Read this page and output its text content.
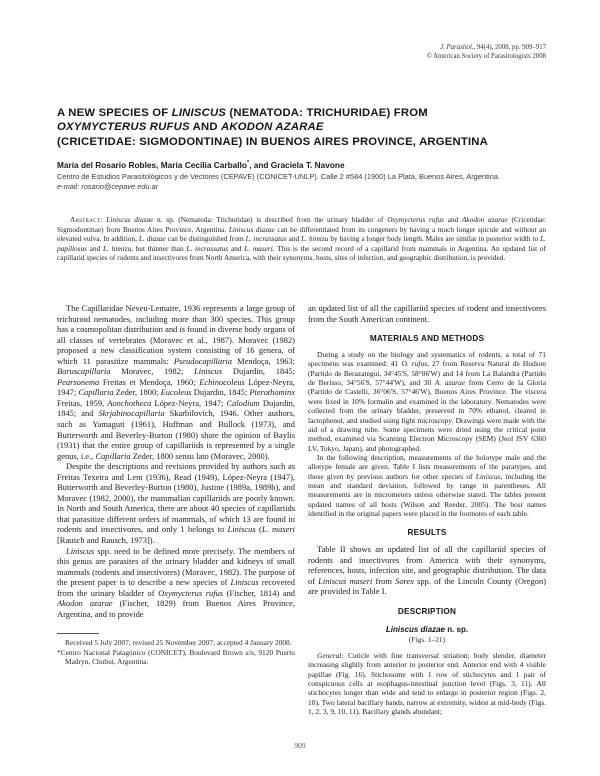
J. Parasitol., 94(4), 2008, pp. 909–917
© American Society of Parasitologists 2008
A NEW SPECIES OF LINISCUS (NEMATODA: TRICHURIDAE) FROM
OXYMYCTERUS RUFUS AND AKODON AZARAE
(CRICETIDAE: SIGMODONTINAE) IN BUENOS AIRES PROVINCE, ARGENTINA
María del Rosario Robles, María Cecilia Carballo*, and Graciela T. Navone
Centro de Estudios Parasitológicos y de Vectores (CEPAVE) (CONICET-UNLP). Calle 2 #584 (1900) La Plata, Buenos Aires, Argentina.
e-mail: rosario@cepave.edu.ar

Abstract: Liniscus diazae n. sp. (Nematoda: Trichuridae) is described from the urinary bladder of Oxymycterus rufus and Akodon azarae (Cricetidae: Sigmodontinae) from Buenos Aires Province, Argentina. Liniscus diazae can be differentiated from its congeners by having a much longer spicule and without an elevated vulva. In addition, L. diazae can be distinguished from L. incrassatus and L. himizu by having a longer body length. Males are similar in posterior width to L. papillosus and L. himizu, but thinner than L. incrassatus and L. maseri. This is the second record of a capillarid from mammals in Argentina. An updated list of capillarid species of rodents and insectivores from North America, with their synonyms, hosts, sites of infection, and geographic distribution, is provided.

The Capillaridae Neveu-Lemaire, 1936 represents a large group of trichuroid nematodes, including more than 300 species. This group has a cosmopolitan distribution and is found in diverse body organs of all classes of vertebrates (Moravec et al., 1987). Moravec (1982) proposed a new classification system consisting of 16 genera, of which 11 parasitize mammals: Pseudocapillaria Mendoça, 1963; Baruscapillaria Moravec, 1982; Liniscus Dujardin, 1845; Pearsonema Freitas et Mendoça, 1960; Echinocoleus López-Neyra, 1947; Capillaria Zeder, 1800; Eucoleus Dujardin, 1845; Pterothominx Freitas, 1959, Aonchotheca López-Neyra, 1947; Calodium Dujardin, 1845; and Skrjabinocapillaria Skarbilovich, 1946. Other authors, such as Yamaguti (1961), Huffman and Bullock (1973), and Butterworth and Beverley-Burton (1980) share the opinion of Baylis (1931) that the entire group of capillariids is represented by a single genus, i.e., Capillaria Zeder, 1800 sensu lato (Moravec, 2000).

Despite the descriptions and revisions provided by authors such as Freitas Texeira and Lent (1936), Read (1949), López-Neyra (1947), Butterworth and Beverley-Burton (1980), Justine (1989a, 1989b), and Moravec (1982, 2000), the mammalian capillariids are poorly known. In North and South America, there are about 40 species of capillariids that parasitize different orders of mammals, of which 13 are found in rodents and insectivores, and only 1 belongs to Liniscus (L. maseri [Rausch and Rausch, 1973]).

Liniscus spp. need to be defined more precisely. The members of this genus are parasites of the urinary bladder and kidneys of small mammals (rodents and insectivores) (Moravec, 1982). The purpose of the present paper is to describe a new species of Liniscus recovered from the urinary bladder of Oxymycterus rufus (Fischer, 1814) and Akodon azarae (Fischer, 1829) from Buenos Aires Province, Argentina, and to provide

Received 5 July 2007; revised 25 November 2007; accepted 4 January 2008.

*Centro Nacional Patagónico (CONICET), Boulevard Brown s/n, 9120 Puerto Madryn, Chubut, Argentina.

an updated list of all the capillariid species of rodent and insectivores from the South American continent.

MATERIALS AND METHODS

During a study on the biology and systematics of rodents, a total of 71 specimens was examined: 41 O. rufus, 27 from Reserva Natural de Hudson (Partido de Berazategui, 34°45'S, 58°06'W) and 14 from La Balandra (Partido de Berisso, 34°56'S, 57°44'W), and 30 A. azarae from Cerro de la Gloria (Partido de Castelli, 36°06'S, 57°46'W), Buenos Aires Province. The viscera were fixed in 10% formalin and examined in the laboratory. Nematodes were collected from the urinary bladder, preserved in 70% ethanol, cleared in lactophenol, and studied using light microscopy. Drawings were made with the aid of a drawing tube. Some specimens were dried using the critical point method, examined via Scanning Electron Microscopy (SEM) (Jeol JSV 6360 LV, Tokyo, Japan), and photographed.

In the following description, measurements of the holotype male and the allotype female are given. Table I lists measurements of the paratypes, and those given by previous authors for other species of Liniscus, including the mean and standard deviation, followed by range in parentheses. All measurements are in micrometers unless otherwise stated. The tables present updated names of all hosts (Wilson and Reeder, 2005). The host names identified in the original papers were placed in the footnotes of each table.

RESULTS

Table II shows an updated list of all the capillariid species of rodents and insectivores from America with their synonyms, references, hosts, infection site, and geographic distribution. The data of Liniscus maseri from Sorex spp. of the Lincoln County (Oregon) are provided in Table I.

DESCRIPTION
Liniscus diazae n. sp.
(Figs. 1–21)

General: Cuticle with fine transversal striation; body slender, diameter increasing slightly from anterior to posterior end. Anterior end with 4 visible papillae (Fig. 16). Stichosome with 1 row of stichocytes and 1 pair of conspicuous cells at esophagus-intestinal junction level (Figs. 3, 11). All stichocytes longer than wide and tend to enlarge in posterior region (Figs. 2, 10). Two lateral bacillary bands, narrow at extremity, widest at mid-body (Figs. 1, 2, 3, 9, 10, 11). Bacillary glands abundant;

909
